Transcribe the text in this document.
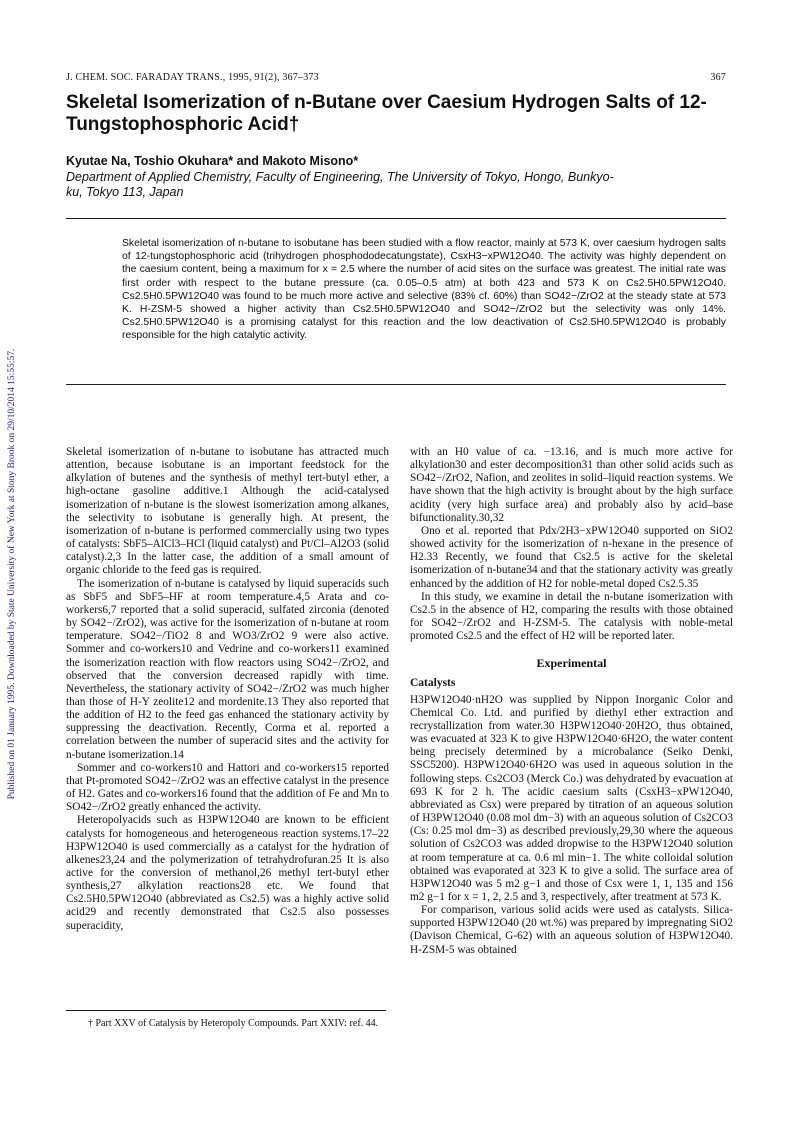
Published on 01 January 1995. Downloaded by State University of New York at Stony Brook on 29/10/2014 15:55:57.
J. CHEM. SOC. FARADAY TRANS., 1995, 91(2), 367–373	367
Skeletal Isomerization of n-Butane over Caesium Hydrogen Salts of 12-Tungstophosphoric Acid†
Kyutae Na, Toshio Okuhara* and Makoto Misono*
Department of Applied Chemistry, Faculty of Engineering, The University of Tokyo, Hongo, Bunkyo-ku, Tokyo 113, Japan

Skeletal isomerization of n-butane to isobutane has been studied with a flow reactor, mainly at 573 K, over caesium hydrogen salts of 12-tungstophosphoric acid (trihydrogen phosphododecatungstate), CsxH3−xPW12O40. The activity was highly dependent on the caesium content, being a maximum for x = 2.5 where the number of acid sites on the surface was greatest. The initial rate was first order with respect to the butane pressure (ca. 0.05–0.5 atm) at both 423 and 573 K on Cs2.5H0.5PW12O40. Cs2.5H0.5PW12O40 was found to be much more active and selective (83% cf. 60%) than SO42−/ZrO2 at the steady state at 573 K. H-ZSM-5 showed a higher activity than Cs2.5H0.5PW12O40 and SO42−/ZrO2 but the selectivity was only 14%. Cs2.5H0.5PW12O40 is a promising catalyst for this reaction and the low deactivation of Cs2.5H0.5PW12O40 is probably responsible for the high catalytic activity.

Skeletal isomerization of n-butane to isobutane has attracted much attention, because isobutane is an important feedstock for the alkylation of butenes and the synthesis of methyl tert-butyl ether, a high-octane gasoline additive.1 Although the acid-catalysed isomerization of n-butane is the slowest isomerization among alkanes, the selectivity to isobutane is generally high. At present, the isomerization of n-butane is performed commercially using two types of catalysts: SbF5–AlCl3–HCl (liquid catalyst) and Pt/Cl–Al2O3 (solid catalyst).2,3 In the latter case, the addition of a small amount of organic chloride to the feed gas is required.

The isomerization of n-butane is catalysed by liquid superacids such as SbF5 and SbF5–HF at room temperature.4,5 Arata and co-workers6,7 reported that a solid superacid, sulfated zirconia (denoted by SO42−/ZrO2), was active for the isomerization of n-butane at room temperature. SO42−/TiO2 8 and WO3/ZrO2 9 were also active. Sommer and co-workers10 and Vedrine and co-workers11 examined the isomerization reaction with flow reactors using SO42−/ZrO2, and observed that the conversion decreased rapidly with time. Nevertheless, the stationary activity of SO42−/ZrO2 was much higher than those of H-Y zeolite12 and mordenite.13 They also reported that the addition of H2 to the feed gas enhanced the stationary activity by suppressing the deactivation. Recently, Corma et al. reported a correlation between the number of superacid sites and the activity for n-butane isomerization.14

Sommer and co-workers10 and Hattori and co-workers15 reported that Pt-promoted SO42−/ZrO2 was an effective catalyst in the presence of H2. Gates and co-workers16 found that the addition of Fe and Mn to SO42−/ZrO2 greatly enhanced the activity.

Heteropolyacids such as H3PW12O40 are known to be efficient catalysts for homogeneous and heterogeneous reaction systems.17–22 H3PW12O40 is used commercially as a catalyst for the hydration of alkenes23,24 and the polymerization of tetrahydrofuran.25 It is also active for the conversion of methanol,26 methyl tert-butyl ether synthesis,27 alkylation reactions28 etc. We found that Cs2.5H0.5PW12O40 (abbreviated as Cs2.5) was a highly active solid acid29 and recently demonstrated that Cs2.5 also possesses superacidity,

with an H0 value of ca. −13.16, and is much more active for alkylation30 and ester decomposition31 than other solid acids such as SO42−/ZrO2, Nafion, and zeolites in solid–liquid reaction systems. We have shown that the high activity is brought about by the high surface acidity (very high surface area) and probably also by acid–base bifunctionality.30,32

Ono et al. reported that Pdx/2H3−xPW12O40 supported on SiO2 showed activity for the isomerization of n-hexane in the presence of H2.33 Recently, we found that Cs2.5 is active for the skeletal isomerization of n-butane34 and that the stationary activity was greatly enhanced by the addition of H2 for noble-metal doped Cs2.5.35

In this study, we examine in detail the n-butane isomerization with Cs2.5 in the absence of H2, comparing the results with those obtained for SO42−/ZrO2 and H-ZSM-5. The catalysis with noble-metal promoted Cs2.5 and the effect of H2 will be reported later.

Experimental
Catalysts

H3PW12O40·nH2O was supplied by Nippon Inorganic Color and Chemical Co. Ltd. and purified by diethyl ether extraction and recrystallization from water.30 H3PW12O40·20H2O, thus obtained, was evacuated at 323 K to give H3PW12O40·6H2O, the water content being precisely determined by a microbalance (Seiko Denki, SSC5200). H3PW12O40·6H2O was used in aqueous solution in the following steps. Cs2CO3 (Merck Co.) was dehydrated by evacuation at 693 K for 2 h. The acidic caesium salts (CsxH3−xPW12O40, abbreviated as Csx) were prepared by titration of an aqueous solution of H3PW12O40 (0.08 mol dm−3) with an aqueous solution of Cs2CO3 (Cs: 0.25 mol dm−3) as described previously,29,30 where the aqueous solution of Cs2CO3 was added dropwise to the H3PW12O40 solution at room temperature at ca. 0.6 ml min−1. The white colloidal solution obtained was evaporated at 323 K to give a solid. The surface area of H3PW12O40 was 5 m2 g−1 and those of Csx were 1, 1, 135 and 156 m2 g−1 for x = 1, 2, 2.5 and 3, respectively, after treatment at 573 K.

For comparison, various solid acids were used as catalysts. Silica-supported H3PW12O40 (20 wt.%) was prepared by impregnating SiO2 (Davison Chemical, G-62) with an aqueous solution of H3PW12O40. H-ZSM-5 was obtained

† Part XXV of Catalysis by Heteropoly Compounds. Part XXIV: ref. 44.
